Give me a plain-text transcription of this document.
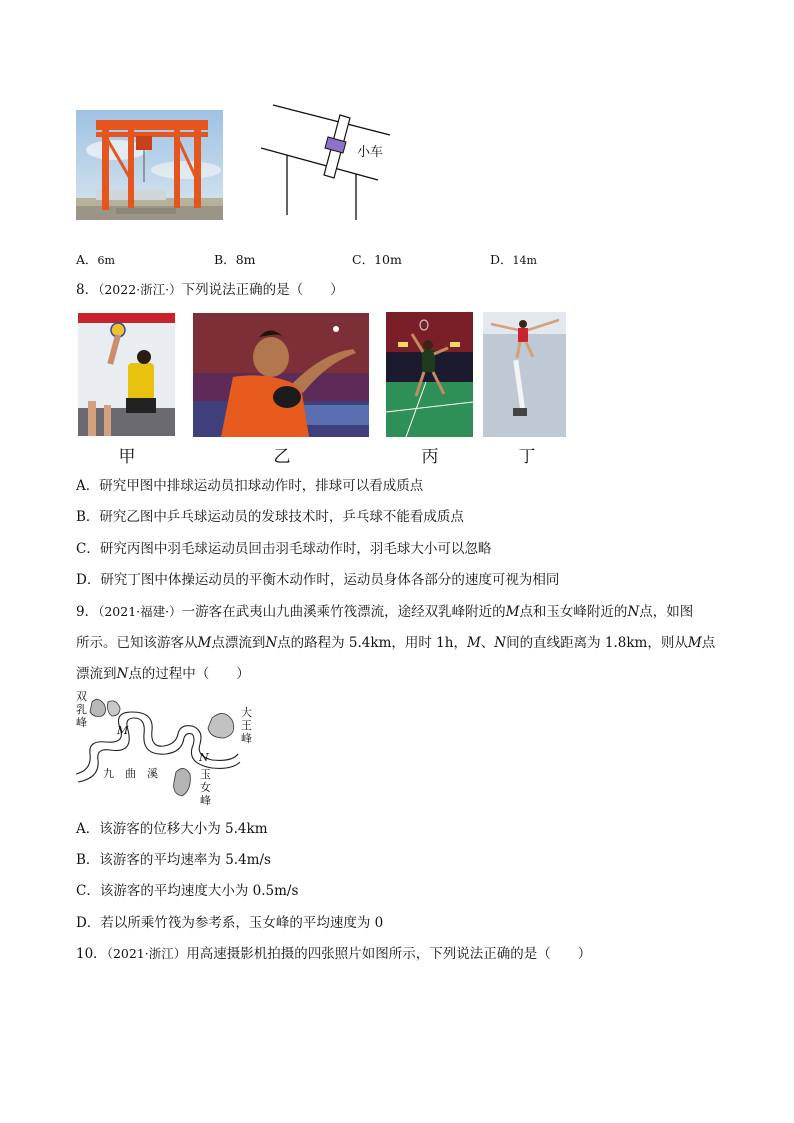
小车
A．6m	B．8m	C．10m	D．14m
8．（2022·浙江·）下列说法正确的是（　　）
甲	乙	丙	丁
A．研究甲图中排球运动员扣球动作时，排球可以看成质点
B．研究乙图中乒乓球运动员的发球技术时，乒乓球不能看成质点
C．研究丙图中羽毛球运动员回击羽毛球动作时，羽毛球大小可以忽略
D．研究丁图中体操运动员的平衡木动作时，运动员身体各部分的速度可视为相同
9．（2021·福建·）一游客在武夷山九曲溪乘竹筏漂流，途经双乳峰附近的M点和玉女峰附近的N点，如图
所示。已知该游客从M点漂流到N点的路程为 5.4km，用时 1h，M、N间的直线距离为 1.8km，则从M点
漂流到N点的过程中（　　）
双
乳
峰
大
王
峰
玉
女
峰
九　曲　溪
M
N
A．该游客的位移大小为 5.4km
B．该游客的平均速率为 5.4m/s
C．该游客的平均速度大小为 0.5m/s
D．若以所乘竹筏为参考系，玉女峰的平均速度为 0
10．（2021·浙江）用高速摄影机拍摄的四张照片如图所示，下列说法正确的是（　　）
